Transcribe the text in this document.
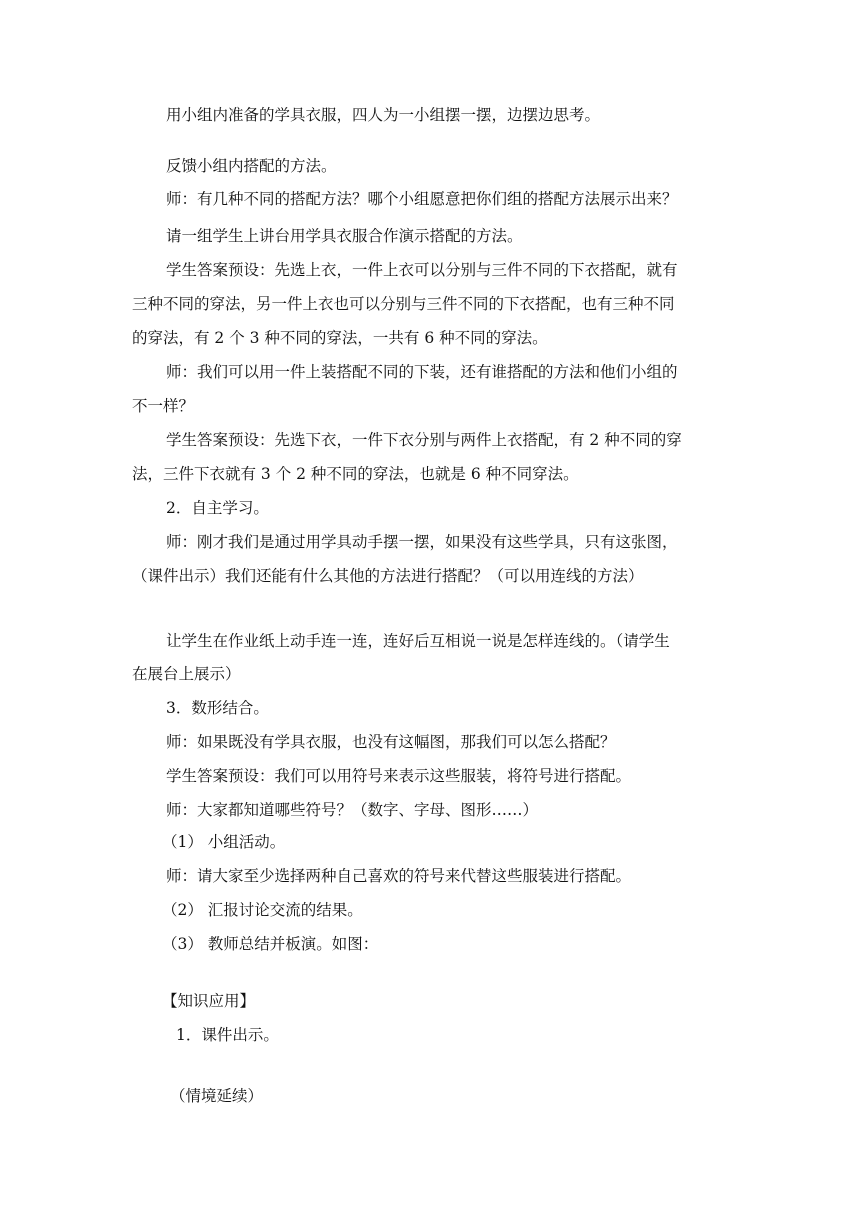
用小组内准备的学具衣服，四人为一小组摆一摆，边摆边思考。
反馈小组内搭配的方法。
师：有几种不同的搭配方法？哪个小组愿意把你们组的搭配方法展示出来？
请一组学生上讲台用学具衣服合作演示搭配的方法。
学生答案预设：先选上衣，一件上衣可以分别与三件不同的下衣搭配，就有
三种不同的穿法，另一件上衣也可以分别与三件不同的下衣搭配，也有三种不同
的穿法，有 2 个 3 种不同的穿法，一共有 6 种不同的穿法。
师：我们可以用一件上装搭配不同的下装，还有谁搭配的方法和他们小组的
不一样？
学生答案预设：先选下衣，一件下衣分别与两件上衣搭配，有 2 种不同的穿
法，三件下衣就有 3 个 2 种不同的穿法，也就是 6 种不同穿法。
2．自主学习。
师：刚才我们是通过用学具动手摆一摆，如果没有这些学具，只有这张图，
（课件出示）我们还能有什么其他的方法进行搭配？（可以用连线的方法）
让学生在作业纸上动手连一连，连好后互相说一说是怎样连线的。（请学生
在展台上展示）
3．数形结合。
师：如果既没有学具衣服，也没有这幅图，那我们可以怎么搭配？
学生答案预设：我们可以用符号来表示这些服装，将符号进行搭配。
师：大家都知道哪些符号？（数字、字母、图形……）
（1） 小组活动。
师：请大家至少选择两种自己喜欢的符号来代替这些服装进行搭配。
（2） 汇报讨论交流的结果。
（3） 教师总结并板演。如图：
【知识应用】
1．课件出示。
（情境延续）
